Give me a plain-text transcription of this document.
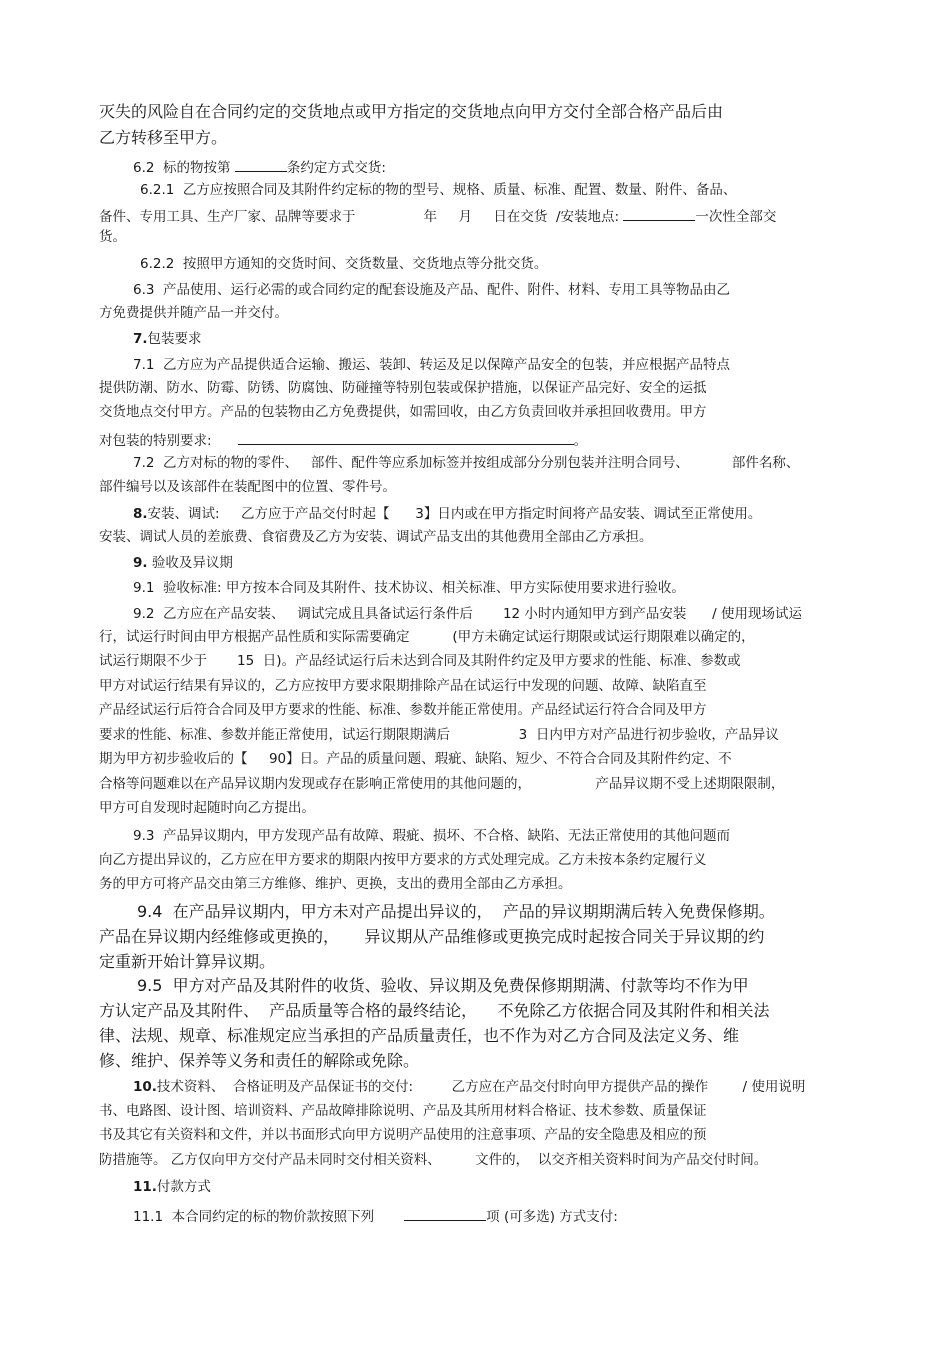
灭失的风险自在合同约定的交货地点或甲方指定的交货地点向甲方交付全部合格产品后由
乙方转移至甲方。
6.2  标的物按第	条约定方式交货:
6.2.1  乙方应按照合同及其附件约定标的物的型号、规格、质量、标准、配置、数量、附件、备品、
备件、专用工具、生产厂家、品牌等要求于	年     月     日在交货  /安装地点:	一次性全部交
货。
6.2.2  按照甲方通知的交货时间、交货数量、交货地点等分批交货。
6.3  产品使用、运行必需的或合同约定的配套设施及产品、配件、附件、材料、专用工具等物品由乙
方免费提供并随产品一并交付。
7.包装要求
7.1  乙方应为产品提供适合运输、搬运、装卸、转运及足以保障产品安全的包装，并应根据产品特点
提供防潮、防水、防霉、防锈、防腐蚀、防碰撞等特别包装或保护措施，以保证产品完好、安全的运抵
交货地点交付甲方。产品的包装物由乙方免费提供，如需回收，由乙方负责回收并承担回收费用。甲方
对包装的特别要求:	。
7.2  乙方对标的物的零件、   部件、配件等应系加标签并按组成部分分别包装并注明合同号、          部件名称、
部件编号以及该部件在装配图中的位置、零件号。
8.安装、调试:     乙方应于产品交付时起【      3】日内或在甲方指定时间将产品安装、调试至正常使用。
安装、调试人员的差旅费、食宿费及乙方为安装、调试产品支出的其他费用全部由乙方承担。
9. 验收及异议期
9.1  验收标准: 甲方按本合同及其附件、技术协议、相关标准、甲方实际使用要求进行验收。
9.2  乙方应在产品安装、   调试完成且具备试运行条件后       12 小时内通知甲方到产品安装      / 使用现场试运
行，试运行时间由甲方根据产品性质和实际需要确定          (甲方未确定试运行期限或试运行期限难以确定的，
试运行期限不少于       15  日)。产品经试运行后未达到合同及其附件约定及甲方要求的性能、标准、参数或
甲方对试运行结果有异议的，乙方应按甲方要求限期排除产品在试运行中发现的问题、故障、缺陷直至
产品经试运行后符合合同及甲方要求的性能、标准、参数并能正常使用。产品经试运行符合合同及甲方
要求的性能、标准、参数并能正常使用，试运行期限期满后                3  日内甲方对产品进行初步验收，产品异议
期为甲方初步验收后的【     90】日。产品的质量问题、瑕疵、缺陷、短少、不符合合同及其附件约定、不
合格等问题难以在产品异议期内发现或存在影响正常使用的其他问题的，               产品异议期不受上述期限限制，
甲方可自发现时起随时向乙方提出。
9.3  产品异议期内，甲方发现产品有故障、瑕疵、损坏、不合格、缺陷、无法正常使用的其他问题而
向乙方提出异议的，乙方应在甲方要求的期限内按甲方要求的方式处理完成。乙方未按本条约定履行义
务的甲方可将产品交由第三方维修、维护、更换，支出的费用全部由乙方承担。
9.4  在产品异议期内，甲方未对产品提出异议的，  产品的异议期期满后转入免费保修期。
产品在异议期内经维修或更换的，     异议期从产品维修或更换完成时起按合同关于异议期的约
定重新开始计算异议期。
9.5  甲方对产品及其附件的收货、验收、异议期及免费保修期期满、付款等均不作为甲
方认定产品及其附件、  产品质量等合格的最终结论，    不免除乙方依据合同及其附件和相关法
律、法规、规章、标准规定应当承担的产品质量责任，也不作为对乙方合同及法定义务、维
修、维护、保养等义务和责任的解除或免除。
10.技术资料、  合格证明及产品保证书的交付:         乙方应在产品交付时向甲方提供产品的操作        / 使用说明
书、电路图、设计图、培训资料、产品故障排除说明、产品及其所用材料合格证、技术参数、质量保证
书及其它有关资料和文件，并以书面形式向甲方说明产品使用的注意事项、产品的安全隐患及相应的预
防措施等。 乙方仅向甲方交付产品未同时交付相关资料、        文件的，  以交齐相关资料时间为产品交付时间。
11.付款方式
11.1  本合同约定的标的物价款按照下列	项 (可多选) 方式支付:
